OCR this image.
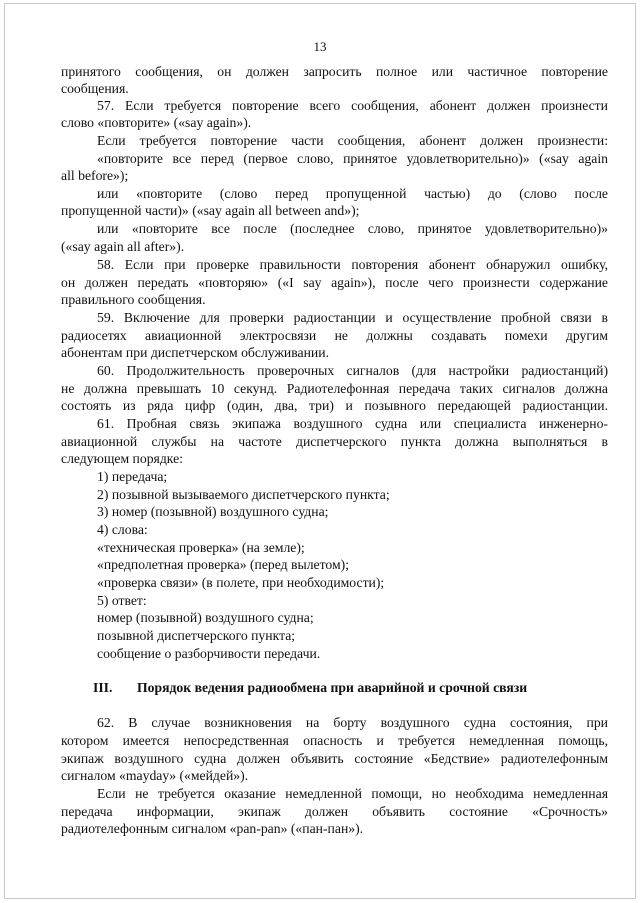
13
принятого сообщения, он должен запросить полное или частичное повторение
сообщения.
57. Если требуется повторение всего сообщения, абонент должен произнести
слово «повторите» («say again»).
Если требуется повторение части сообщения, абонент должен произнести:
«повторите все перед (первое слово, принятое удовлетворительно)» («say again
all before»);
или «повторите (слово перед пропущенной частью) до (слово после
пропущенной части)» («say again all between and»);
или «повторите все после (последнее слово, принятое удовлетворительно)»
(«say again all after»).
58. Если при проверке правильности повторения абонент обнаружил ошибку,
он должен передать «повторяю» («I say again»), после чего произнести содержание
правильного сообщения.
59. Включение для проверки радиостанции и осуществление пробной связи в
радиосетях авиационной электросвязи не должны создавать помехи другим
абонентам при диспетчерском обслуживании.
60. Продолжительность проверочных сигналов (для настройки радиостанций)
не должна превышать 10 секунд. Радиотелефонная передача таких сигналов должна
состоять из ряда цифр (один, два, три) и позывного передающей радиостанции.
61. Пробная связь экипажа воздушного судна или специалиста инженерно-
авиационной службы на частоте диспетчерского пункта должна выполняться в
следующем порядке:
1) передача;
2) позывной вызываемого диспетчерского пункта;
3) номер (позывной) воздушного судна;
4) слова:
«техническая проверка» (на земле);
«предполетная проверка» (перед вылетом);
«проверка связи» (в полете, при необходимости);
5) ответ:
номер (позывной) воздушного судна;
позывной диспетчерского пункта;
сообщение о разборчивости передачи.
III. Порядок ведения радиообмена при аварийной и срочной связи
62. В случае возникновения на борту воздушного судна состояния, при
котором имеется непосредственная опасность и требуется немедленная помощь,
экипаж воздушного судна должен объявить состояние «Бедствие» радиотелефонным
сигналом «mayday» («мейдей»).
Если не требуется оказание немедленной помощи, но необходима немедленная
передача информации, экипаж должен объявить состояние «Срочность»
радиотелефонным сигналом «pan-pan» («пан-пан»).
